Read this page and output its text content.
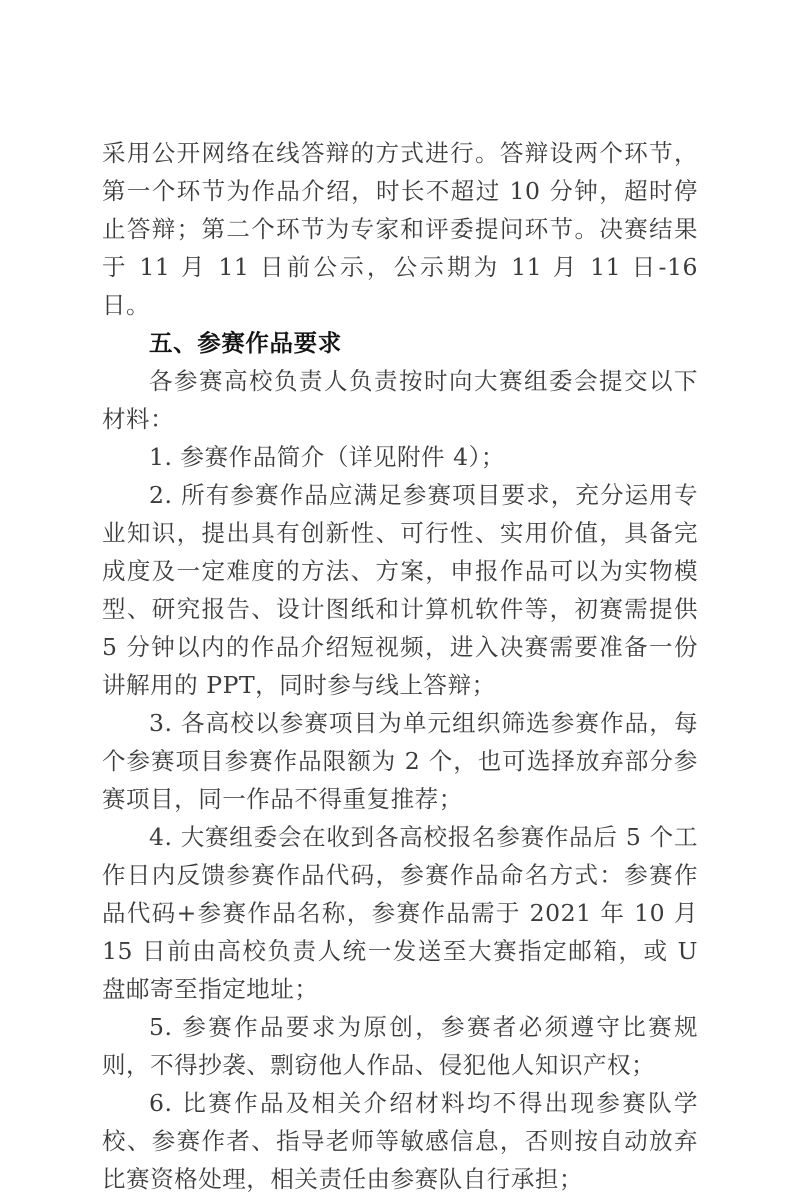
采用公开网络在线答辩的方式进行。答辩设两个环节，第一个环节为作品介绍，时长不超过 10 分钟，超时停止答辩；第二个环节为专家和评委提问环节。决赛结果于 11 月 11 日前公示，公示期为 11 月 11 日-16 日。

五、参赛作品要求

各参赛高校负责人负责按时向大赛组委会提交以下材料：

1. 参赛作品简介（详见附件 4）；

2. 所有参赛作品应满足参赛项目要求，充分运用专业知识，提出具有创新性、可行性、实用价值，具备完成度及一定难度的方法、方案，申报作品可以为实物模型、研究报告、设计图纸和计算机软件等，初赛需提供 5 分钟以内的作品介绍短视频，进入决赛需要准备一份讲解用的 PPT，同时参与线上答辩；

3. 各高校以参赛项目为单元组织筛选参赛作品，每个参赛项目参赛作品限额为 2 个，也可选择放弃部分参赛项目，同一作品不得重复推荐；

4. 大赛组委会在收到各高校报名参赛作品后 5 个工作日内反馈参赛作品代码，参赛作品命名方式：参赛作品代码+参赛作品名称，参赛作品需于 2021 年 10 月 15 日前由高校负责人统一发送至大赛指定邮箱，或 U 盘邮寄至指定地址；

5. 参赛作品要求为原创，参赛者必须遵守比赛规则，不得抄袭、剽窃他人作品、侵犯他人知识产权；

6. 比赛作品及相关介绍材料均不得出现参赛队学校、参赛作者、指导老师等敏感信息，否则按自动放弃比赛资格处理，相关责任由参赛队自行承担；
